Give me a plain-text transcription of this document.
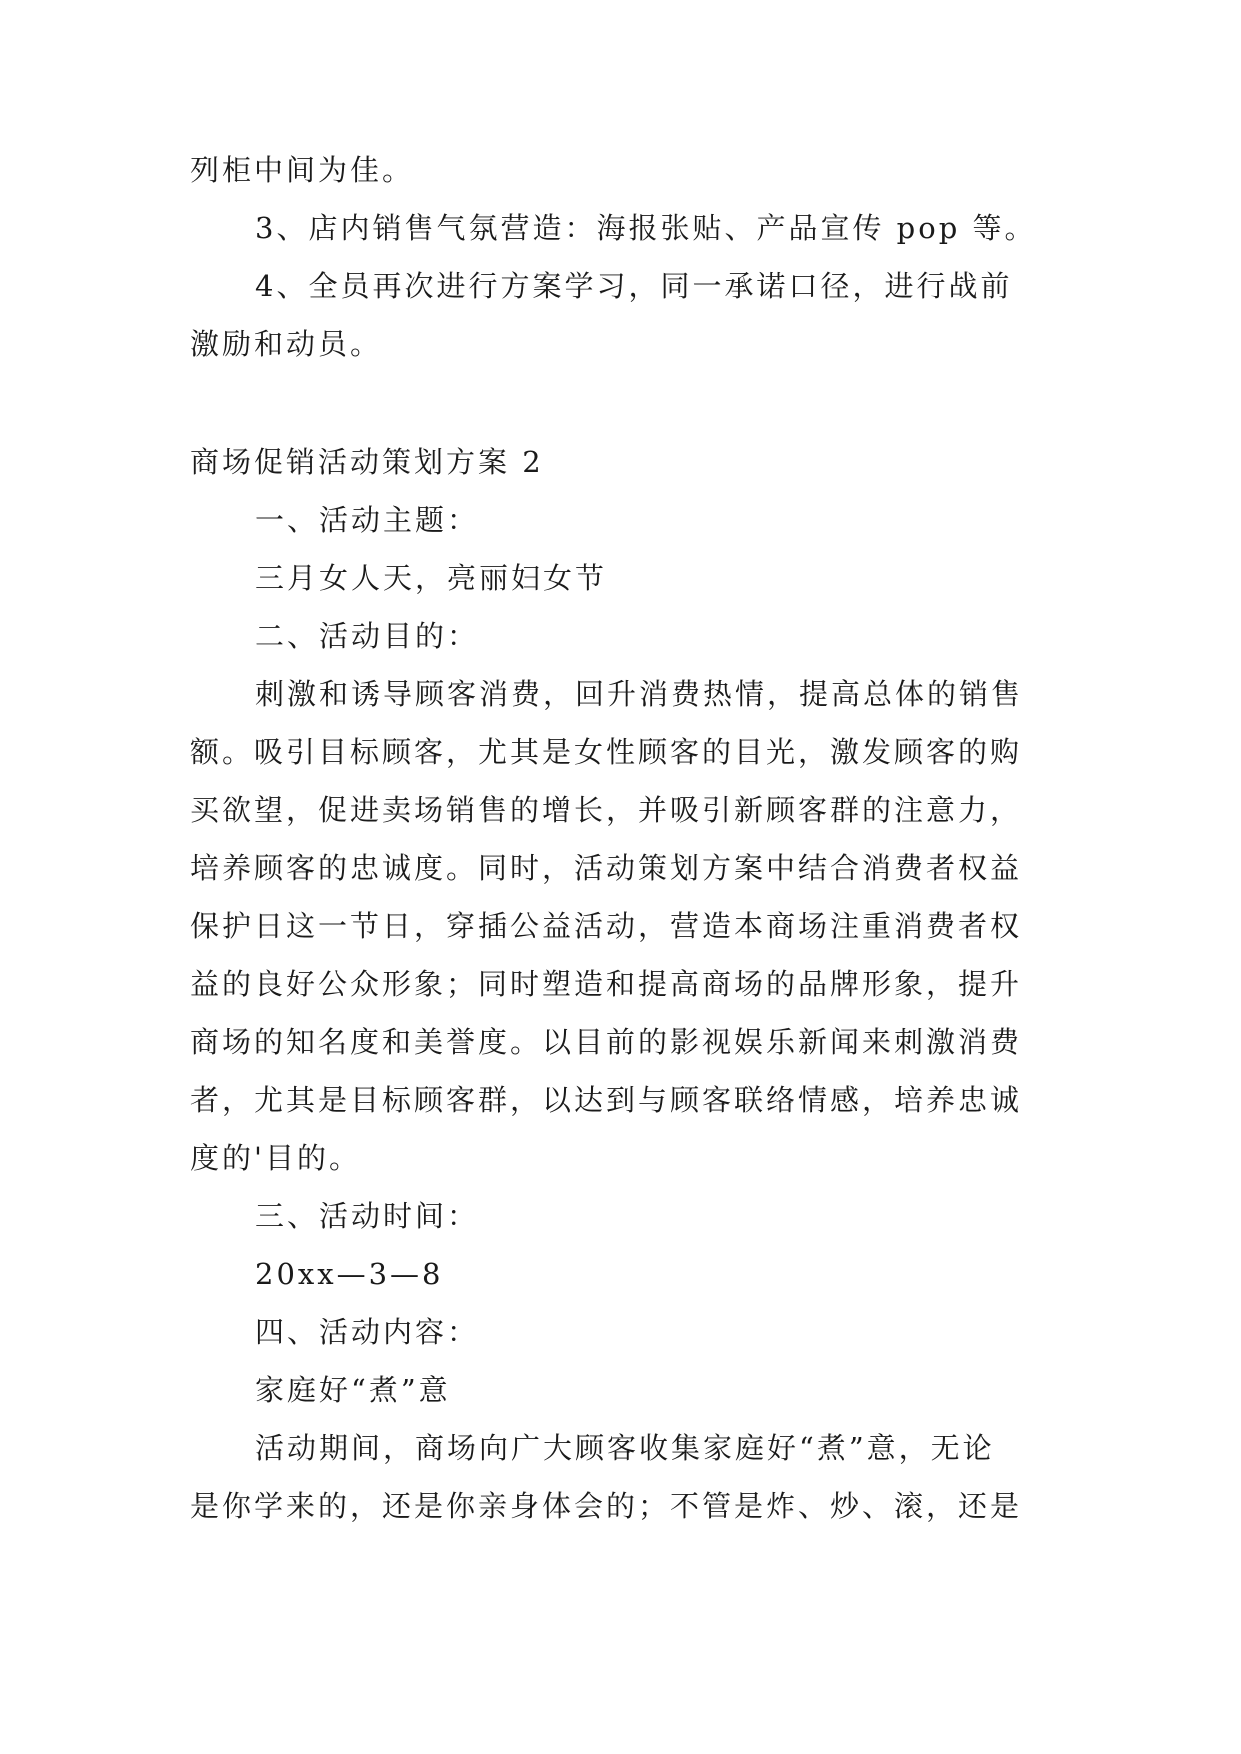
列柜中间为佳。
3、店内销售气氛营造：海报张贴、产品宣传 pop 等。
4、全员再次进行方案学习，同一承诺口径，进行战前
激励和动员。
商场促销活动策划方案 2
一、活动主题：
三月女人天，亮丽妇女节
二、活动目的：
刺激和诱导顾客消费，回升消费热情，提高总体的销售
额。吸引目标顾客，尤其是女性顾客的目光，激发顾客的购
买欲望，促进卖场销售的增长，并吸引新顾客群的注意力，
培养顾客的忠诚度。同时，活动策划方案中结合消费者权益
保护日这一节日，穿插公益活动，营造本商场注重消费者权
益的良好公众形象；同时塑造和提高商场的品牌形象，提升
商场的知名度和美誉度。以目前的影视娱乐新闻来刺激消费
者，尤其是目标顾客群，以达到与顾客联络情感，培养忠诚
度的'目的。
三、活动时间：
20xx—3—8
四、活动内容：
家庭好“煮”意
活动期间，商场向广大顾客收集家庭好“煮”意，无论
是你学来的，还是你亲身体会的；不管是炸、炒、滚，还是
